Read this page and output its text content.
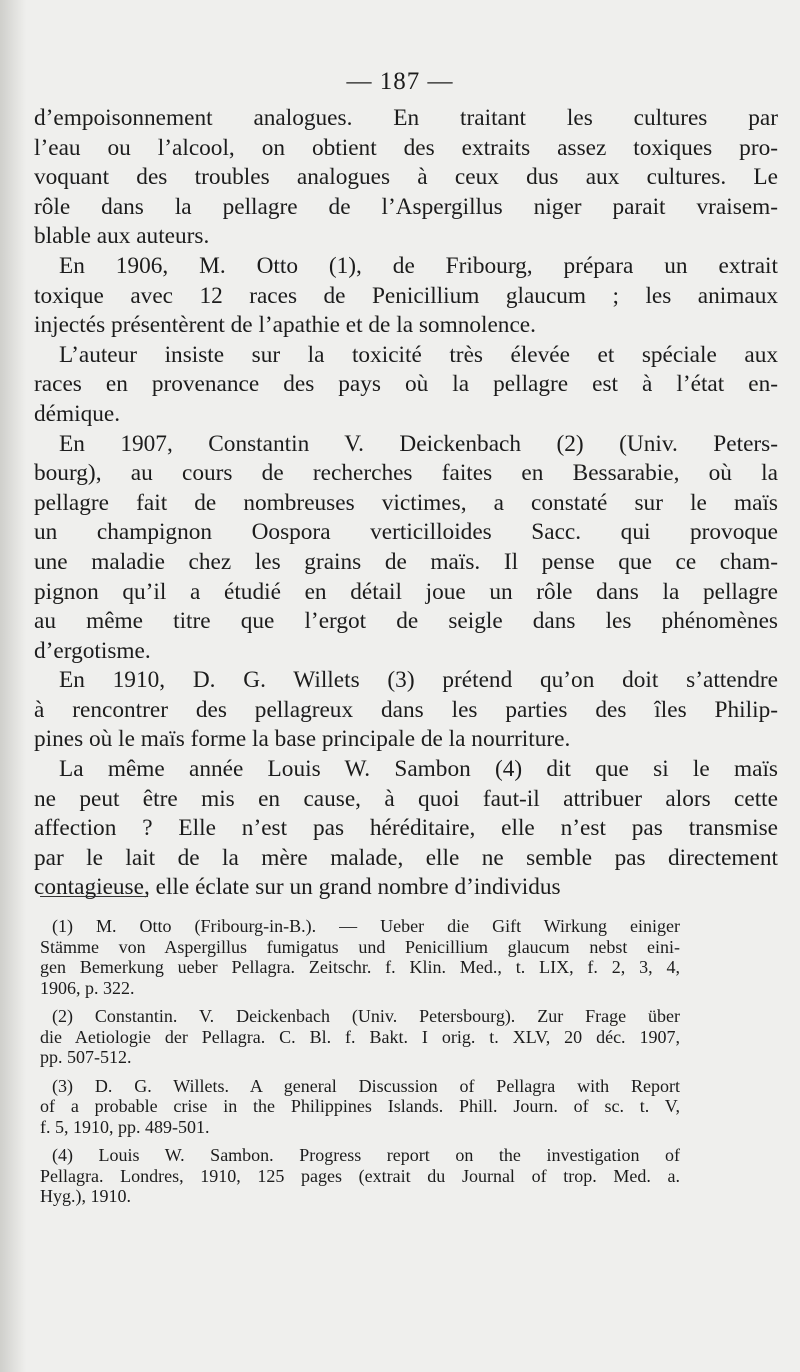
— 187 —
d’empoisonnement analogues. En traitant les cultures par
l’eau ou l’alcool, on obtient des extraits assez toxiques pro-
voquant des troubles analogues à ceux dus aux cultures. Le
rôle dans la pellagre de l’Aspergillus niger parait vraisem-
blable aux auteurs.
En 1906, M. Otto (1), de Fribourg, prépara un extrait
toxique avec 12 races de Penicillium glaucum ; les animaux
injectés présentèrent de l’apathie et de la somnolence.
L’auteur insiste sur la toxicité très élevée et spéciale aux
races en provenance des pays où la pellagre est à l’état en-
démique.
En 1907, Constantin V. Deickenbach (2) (Univ. Peters-
bourg), au cours de recherches faites en Bessarabie, où la
pellagre fait de nombreuses victimes, a constaté sur le maïs
un champignon Oospora verticilloides Sacc. qui provoque
une maladie chez les grains de maïs. Il pense que ce cham-
pignon qu’il a étudié en détail joue un rôle dans la pellagre
au même titre que l’ergot de seigle dans les phénomènes
d’ergotisme.
En 1910, D. G. Willets (3) prétend qu’on doit s’attendre
à rencontrer des pellagreux dans les parties des îles Philip-
pines où le maïs forme la base principale de la nourriture.
La même année Louis W. Sambon (4) dit que si le maïs
ne peut être mis en cause, à quoi faut-il attribuer alors cette
affection ? Elle n’est pas héréditaire, elle n’est pas transmise
par le lait de la mère malade, elle ne semble pas directement
contagieuse, elle éclate sur un grand nombre d’individus
(1) M. Otto (Fribourg-in-B.). — Ueber die Gift Wirkung einiger
Stämme von Aspergillus fumigatus und Penicillium glaucum nebst eini-
gen Bemerkung ueber Pellagra. Zeitschr. f. Klin. Med., t. LIX, f. 2, 3, 4,
1906, p. 322.
(2) Constantin. V. Deickenbach (Univ. Petersbourg). Zur Frage über
die Aetiologie der Pellagra. C. Bl. f. Bakt. I orig. t. XLV, 20 déc. 1907,
pp. 507-512.
(3) D. G. Willets. A general Discussion of Pellagra with Report
of a probable crise in the Philippines Islands. Phill. Journ. of sc. t. V,
f. 5, 1910, pp. 489-501.
(4) Louis W. Sambon. Progress report on the investigation of
Pellagra. Londres, 1910, 125 pages (extrait du Journal of trop. Med. a.
Hyg.), 1910.
